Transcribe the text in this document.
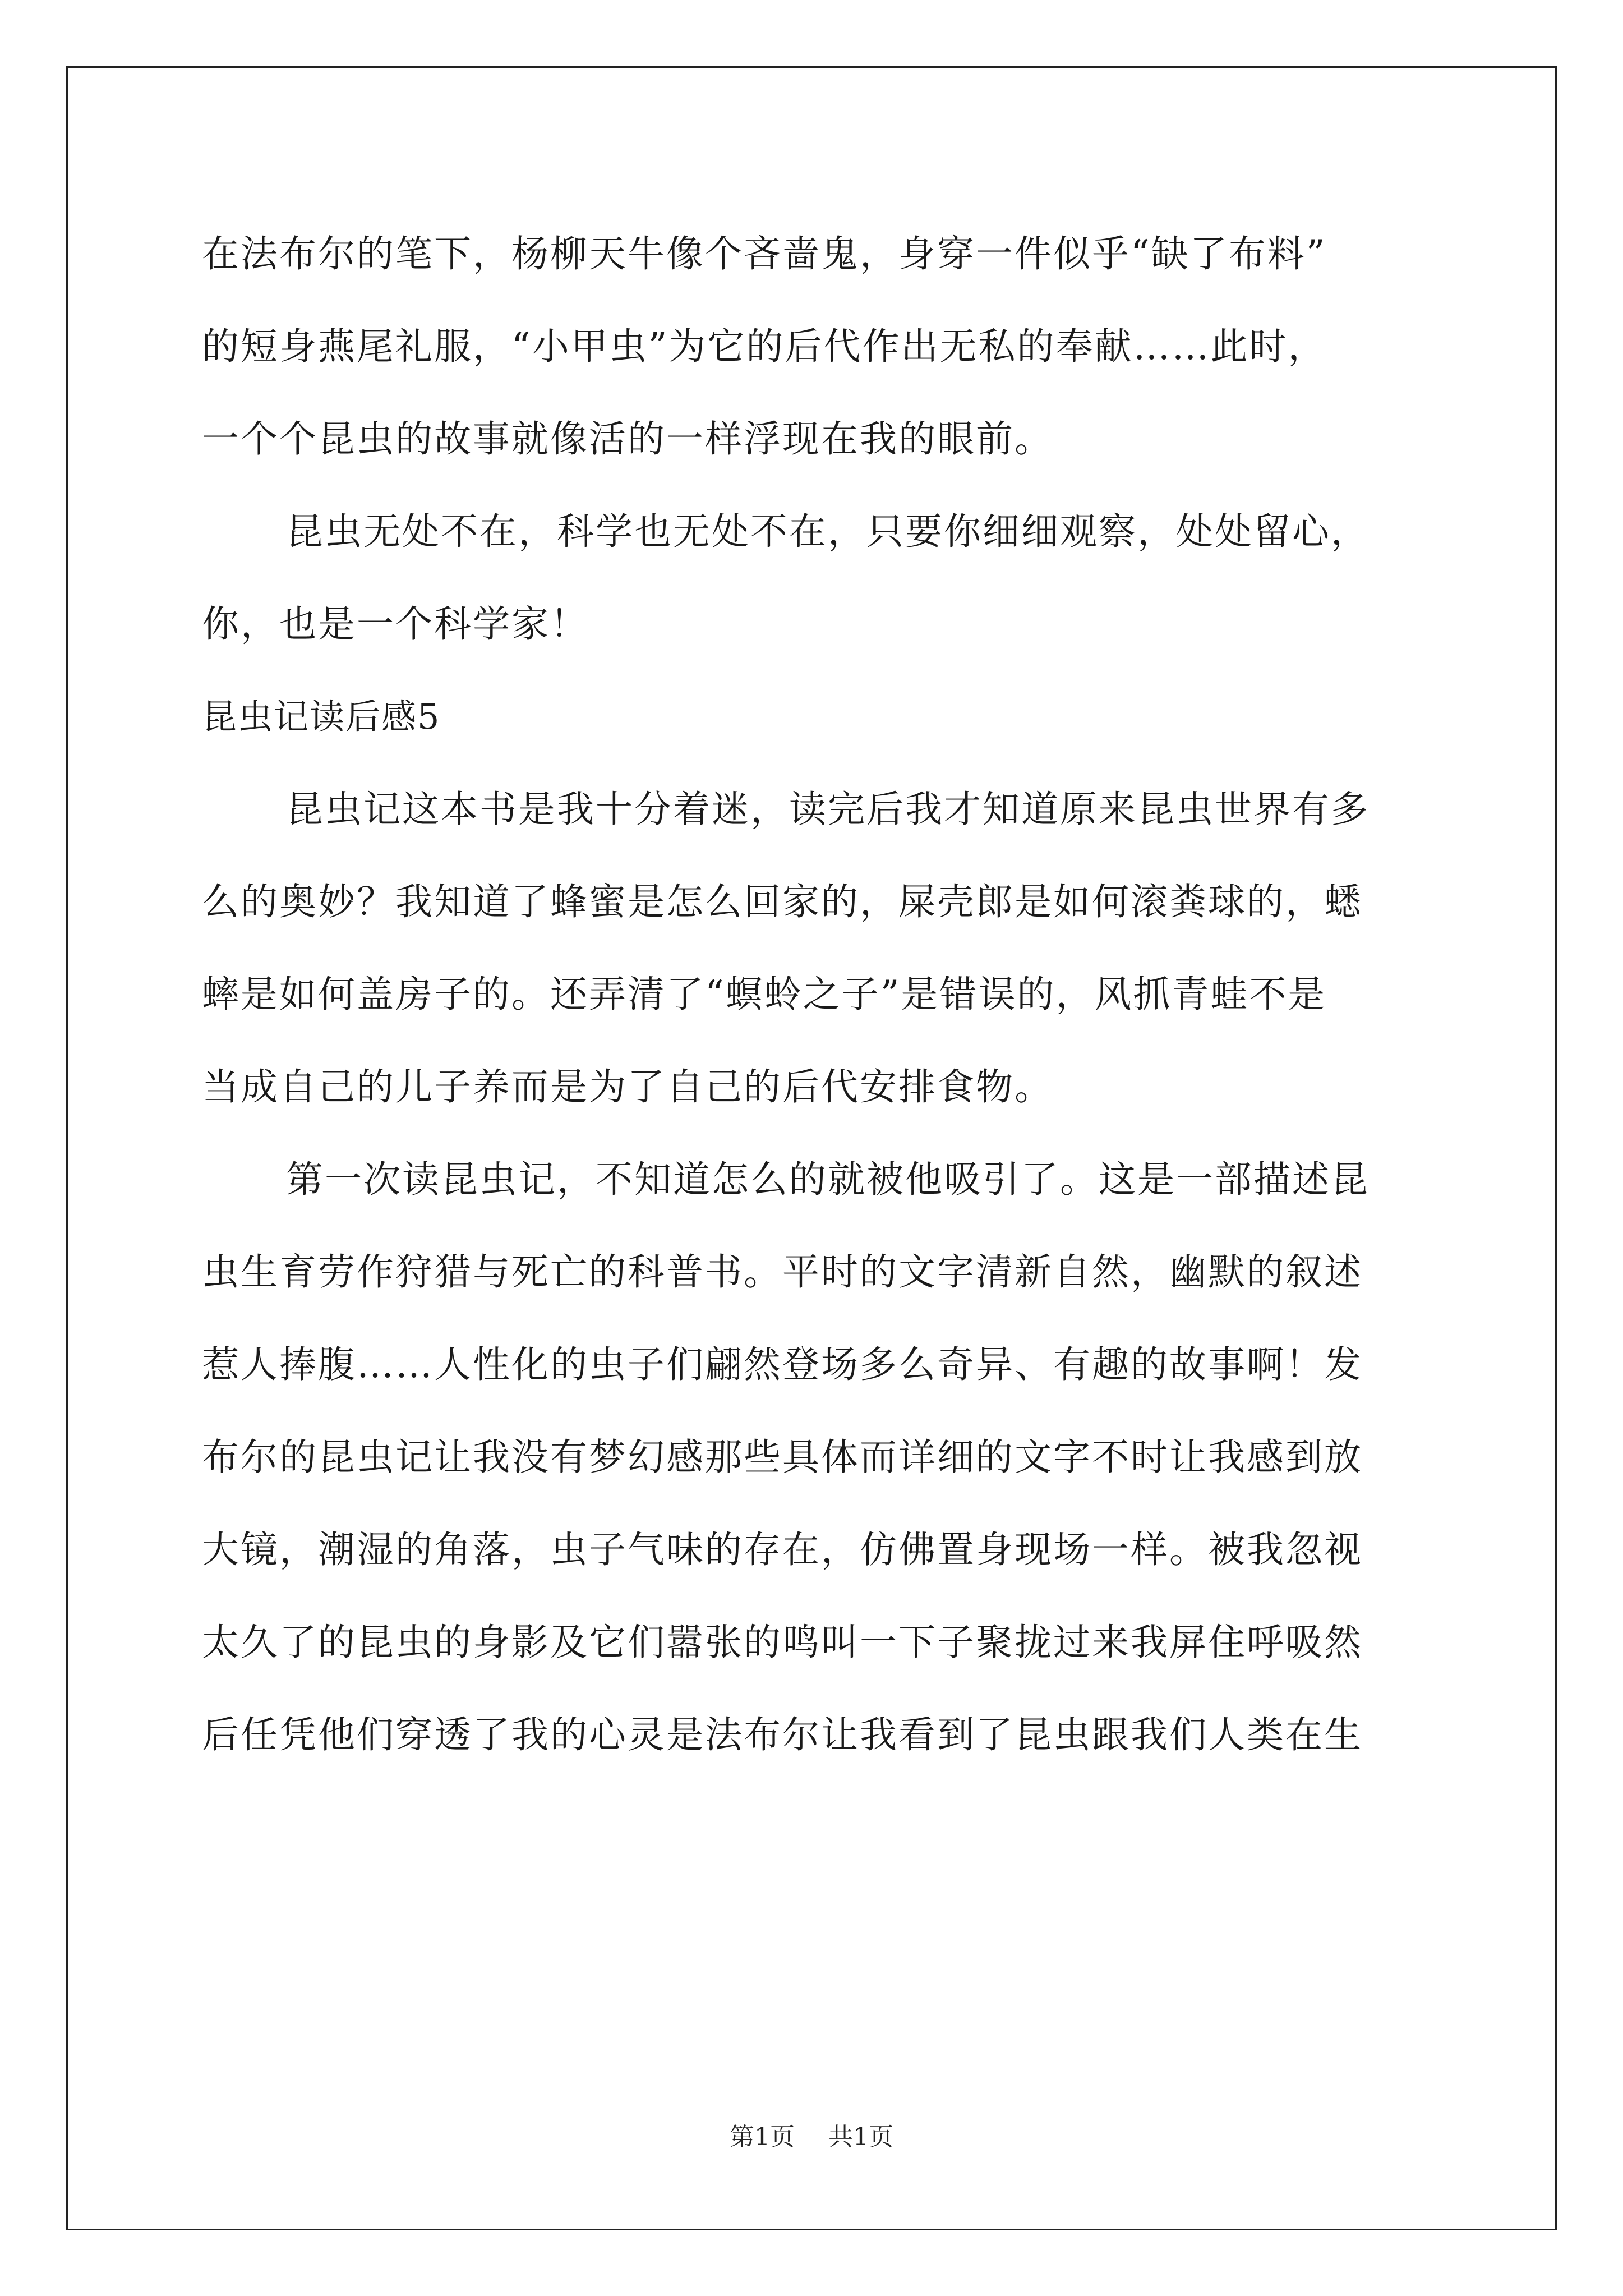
在法布尔的笔下，杨柳天牛像个吝啬鬼，身穿一件似乎“缺了布料”
的短身燕尾礼服，“小甲虫”为它的后代作出无私的奉献……此时，
一个个昆虫的故事就像活的一样浮现在我的眼前。
昆虫无处不在，科学也无处不在，只要你细细观察，处处留心，
你，也是一个科学家！
昆虫记读后感5
昆虫记这本书是我十分着迷，读完后我才知道原来昆虫世界有多
么的奥妙？我知道了蜂蜜是怎么回家的，屎壳郎是如何滚粪球的，蟋
蟀是如何盖房子的。还弄清了“螟蛉之子”是错误的，风抓青蛙不是
当成自己的儿子养而是为了自己的后代安排食物。
第一次读昆虫记，不知道怎么的就被他吸引了。这是一部描述昆
虫生育劳作狩猎与死亡的科普书。平时的文字清新自然，幽默的叙述
惹人捧腹……人性化的虫子们翩然登场多么奇异、有趣的故事啊！发
布尔的昆虫记让我没有梦幻感那些具体而详细的文字不时让我感到放
大镜，潮湿的角落，虫子气味的存在，仿佛置身现场一样。被我忽视
太久了的昆虫的身影及它们嚣张的鸣叫一下子聚拢过来我屏住呼吸然
后任凭他们穿透了我的心灵是法布尔让我看到了昆虫跟我们人类在生
第1页 共1页
